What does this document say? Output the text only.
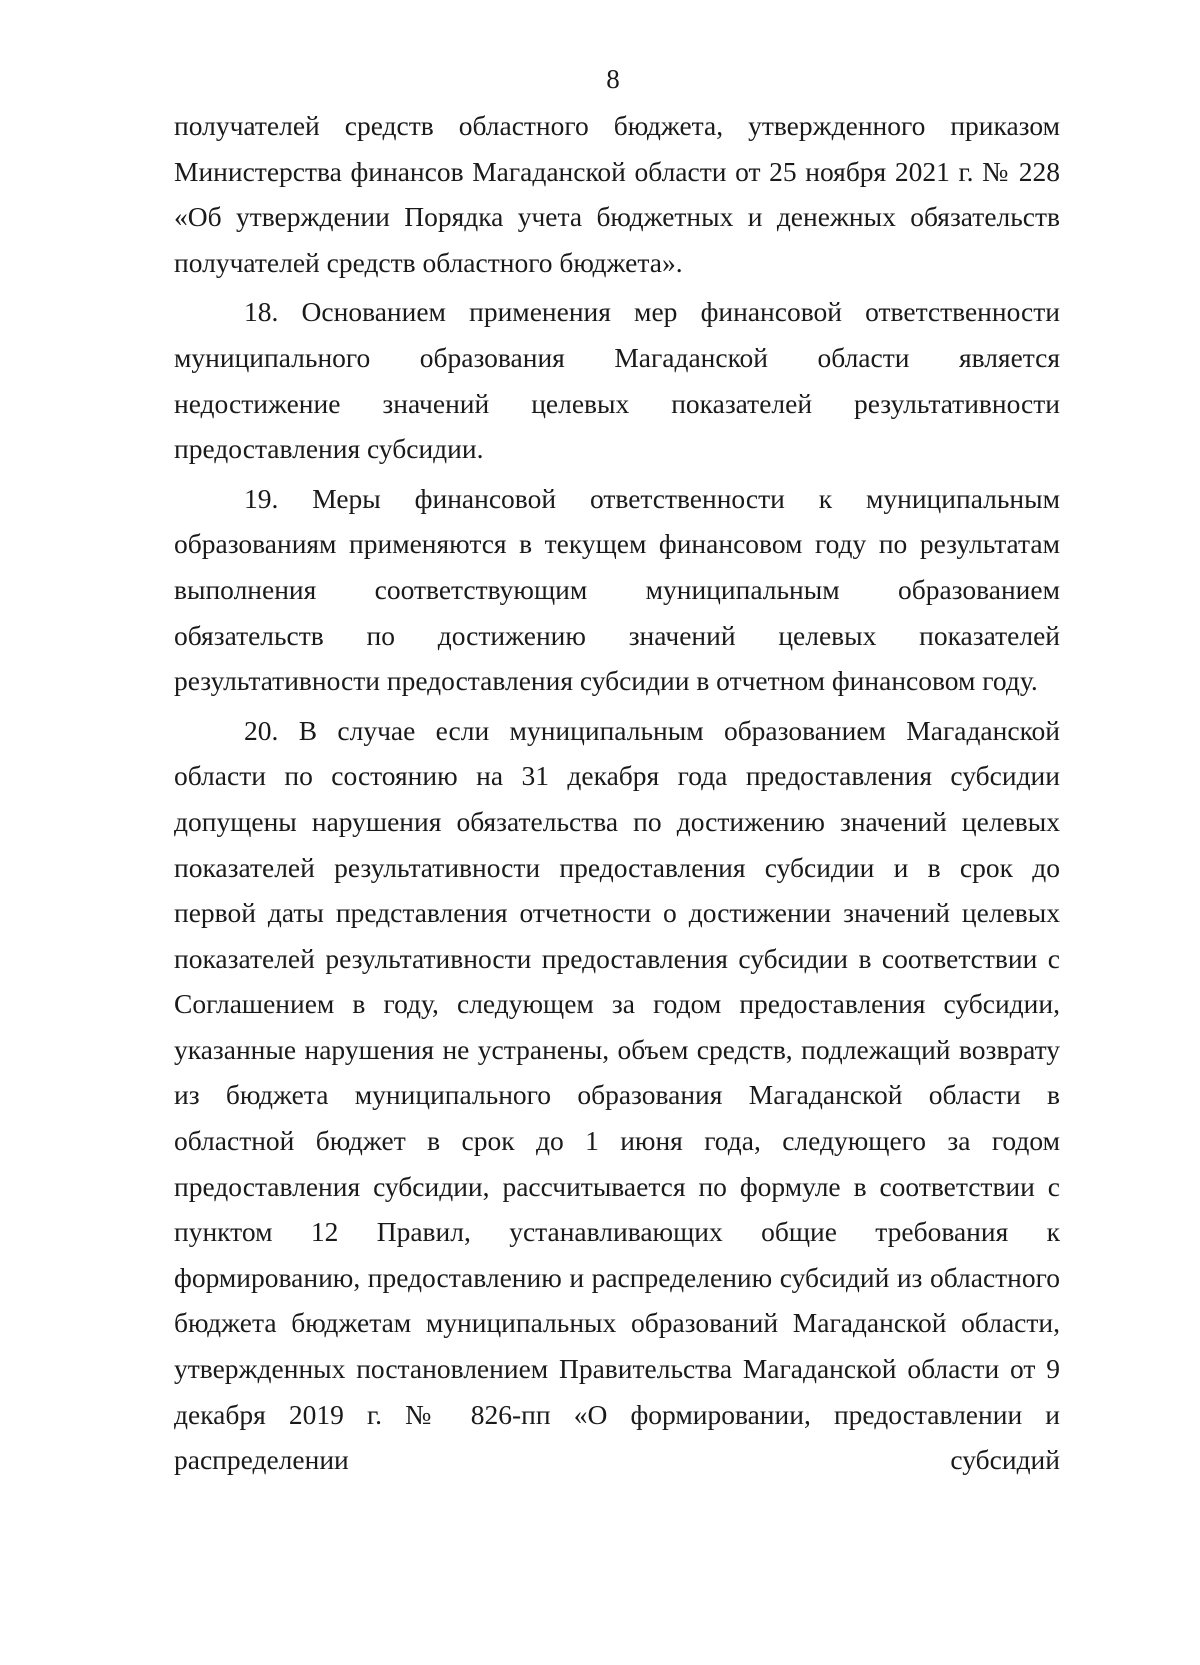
8

получателей средств областного бюджета, утвержденного приказом Министерства финансов Магаданской области от 25 ноября 2021 г. № 228 «Об утверждении Порядка учета бюджетных и денежных обязательств получателей средств областного бюджета».

18. Основанием применения мер финансовой ответственности муниципального образования Магаданской области является недостижение значений целевых показателей результативности предоставления субсидии.

19. Меры финансовой ответственности к муниципальным образованиям применяются в текущем финансовом году по результатам выполнения соответствующим муниципальным образованием обязательств по достижению значений целевых показателей результативности предоставления субсидии в отчетном финансовом году.

20. В случае если муниципальным образованием Магаданской области по состоянию на 31 декабря года предоставления субсидии допущены нарушения обязательства по достижению значений целевых показателей результативности предоставления субсидии и в срок до первой даты представления отчетности о достижении значений целевых показателей результативности предоставления субсидии в соответствии с Соглашением в году, следующем за годом предоставления субсидии, указанные нарушения не устранены, объем средств, подлежащий возврату из бюджета муниципального образования Магаданской области в областной бюджет в срок до 1 июня года, следующего за годом предоставления субсидии, рассчитывается по формуле в соответствии с пунктом 12 Правил, устанавливающих общие требования к формированию, предоставлению и распределению субсидий из областного бюджета бюджетам муниципальных образований Магаданской области, утвержденных постановлением Правительства Магаданской области от 9 декабря 2019 г. № 826-пп «О формировании, предоставлении и распределении субсидий
